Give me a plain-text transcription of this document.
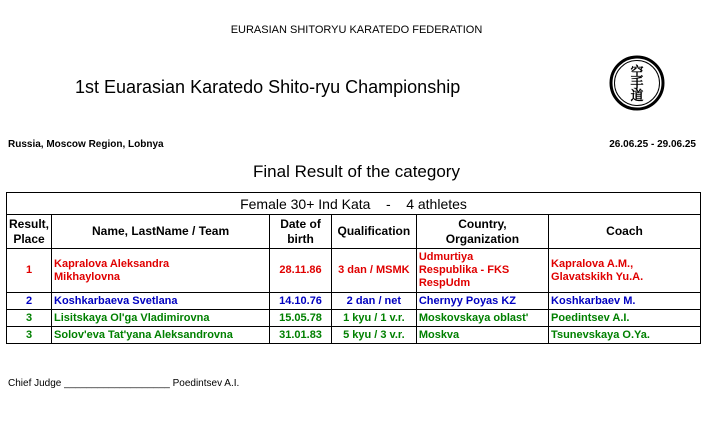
EURASIAN SHITORYU KARATEDO FEDERATION
1st Euarasian Karatedo Shito-ryu Championship
空
手
道
Russia, Moscow Region, Lobnya	26.06.25 - 29.06.25
Final Result of the category
Female 30+ Ind Kata    -    4 athletes					
Result,
Place	Name, LastName / Team	Date of
birth	Qualification	Country,
Organization	Coach
1	Kapralova Aleksandra
Mikhaylovna	28.11.86	3 dan / MSMK	Udmurtiya
Respublika - FKS
RespUdm	Kapralova A.M.,
Glavatskikh Yu.A.
2	Koshkarbaeva Svetlana	14.10.76	2 dan / net	Chernyy Poyas KZ	Koshkarbaev M.
3	Lisitskaya Ol'ga Vladimirovna	15.05.78	1 kyu / 1 v.r.	Moskovskaya oblast'	Poedintsev A.I.
3	Solov'eva Tat'yana Aleksandrovna	31.01.83	5 kyu / 3 v.r.	Moskva	Tsunevskaya O.Ya.
Chief Judge ___________________ Poedintsev A.I.
